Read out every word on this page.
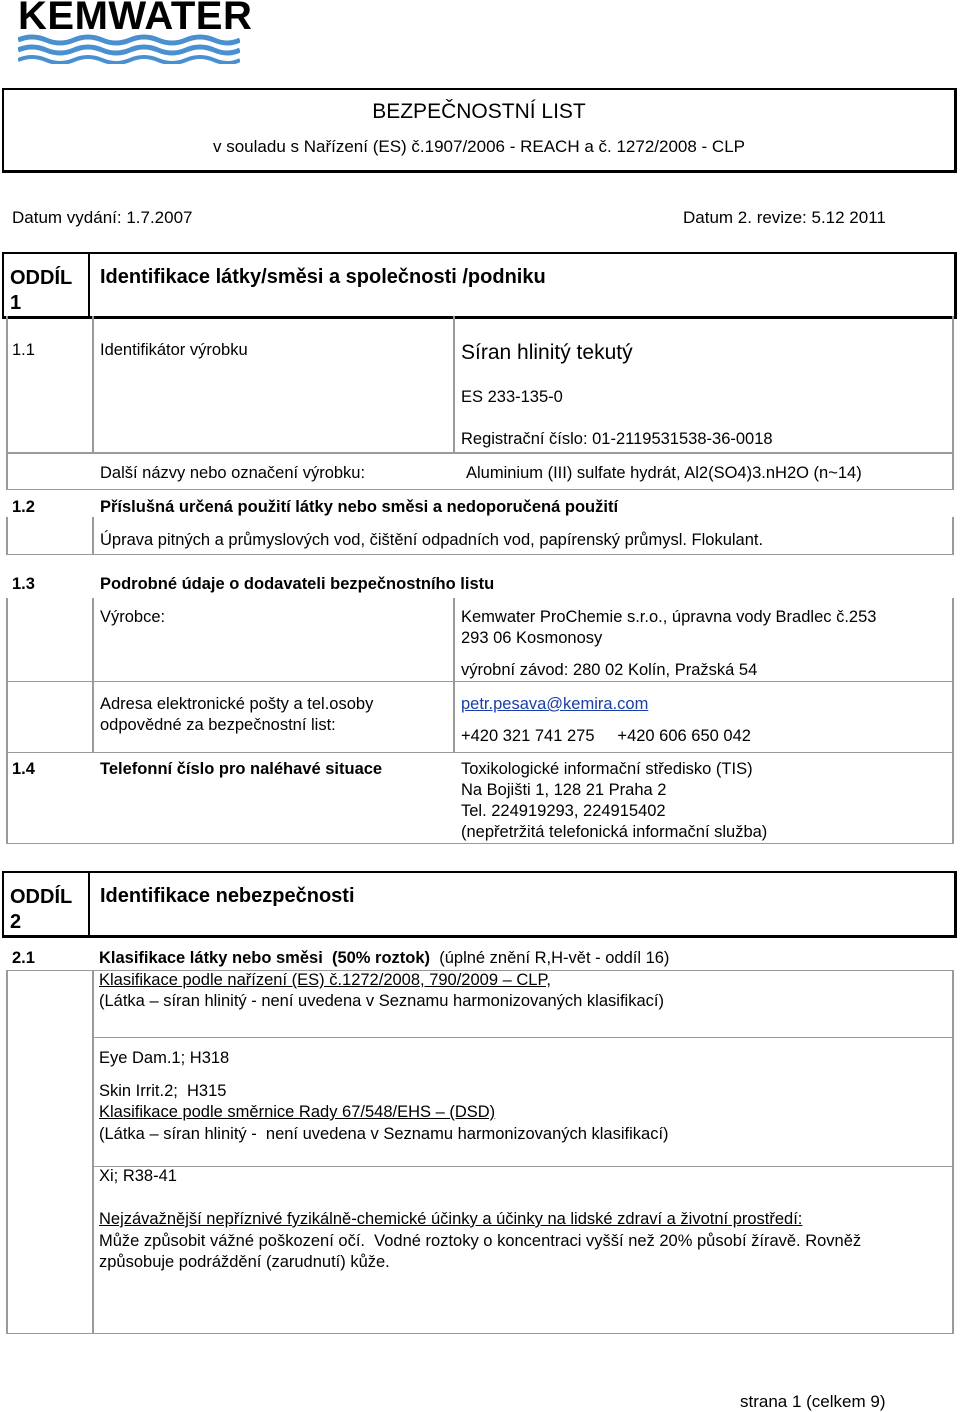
KEMWATER
BEZPEČNOSTNÍ LIST
v souladu s Nařízení (ES) č.1907/2006 - REACH a č. 1272/2008 - CLP
Datum vydání: 1.7.2007	Datum 2. revize: 5.12 2011
ODDÍL
1
Identifikace látky/směsi a společnosti /podniku
1.1	Identifikátor výrobku	Síran hlinitý tekutý
ES 233-135-0
Registrační číslo: 01-2119531538-36-0018
Další názvy nebo označení výrobku:	Aluminium (III) sulfate hydrát, Al2(SO4)3.nH2O (n~14)
1.2	Příslušná určená použití látky nebo směsi a nedoporučená použití
Úprava pitných a průmyslových vod, čištění odpadních vod, papírenský průmysl. Flokulant.
1.3	Podrobné údaje o dodavateli bezpečnostního listu
Výrobce:	Kemwater ProChemie s.r.o., úpravna vody Bradlec č.253
293 06 Kosmonosy
výrobní závod: 280 02 Kolín, Pražská 54
Adresa elektronické pošty a tel.osoby
odpovědné za bezpečnostní list:
petr.pesava@kemira.com
+420 321 741 275     +420 606 650 042
1.4	Telefonní číslo pro naléhavé situace	Toxikologické informační středisko (TIS)
Na Bojišti 1, 128 21 Praha 2
Tel. 224919293, 224915402
(nepřetržitá telefonická informační služba)
ODDÍL
2
Identifikace nebezpečnosti
2.1	Klasifikace látky nebo směsi  (50% roztok)  (úplné znění R,H-vět - oddíl 16)
Klasifikace podle nařízení (ES) č.1272/2008, 790/2009 – CLP,
(Látka – síran hlinitý - není uvedena v Seznamu harmonizovaných klasifikací)
Eye Dam.1; H318
Skin Irrit.2;  H315
Klasifikace podle směrnice Rady 67/548/EHS – (DSD)
(Látka – síran hlinitý -  není uvedena v Seznamu harmonizovaných klasifikací)
Xi; R38-41
Nejzávažnější nepříznivé fyzikálně-chemické účinky a účinky na lidské zdraví a životní prostředí:
Může způsobit vážné poškození očí.  Vodné roztoky o koncentraci vyšší než 20% působí žíravě. Rovněž
způsobuje podráždění (zarudnutí) kůže.
strana 1 (celkem 9)
